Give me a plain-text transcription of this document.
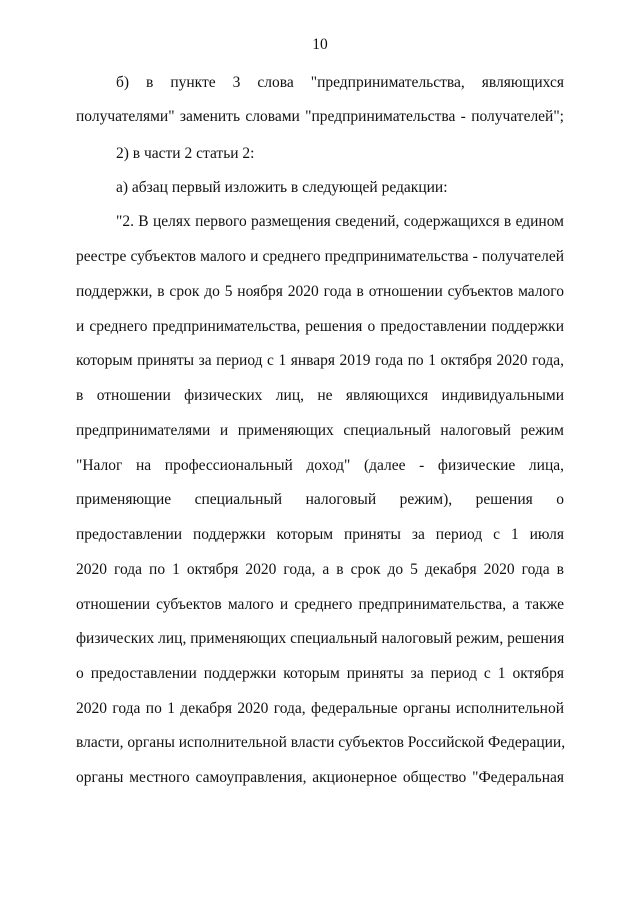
10
б) в пункте 3 слова "предпринимательства, являющихся
получателями" заменить словами "предпринимательства - получателей";
2) в части 2 статьи 2:
а) абзац первый изложить в следующей редакции:
"2. В целях первого размещения сведений, содержащихся в едином
реестре субъектов малого и среднего предпринимательства - получателей
поддержки, в срок до 5 ноября 2020 года в отношении субъектов малого
и среднего предпринимательства, решения о предоставлении поддержки
которым приняты за период с 1 января 2019 года по 1 октября 2020 года,
в отношении физических лиц, не являющихся индивидуальными
предпринимателями и применяющих специальный налоговый режим
"Налог на профессиональный доход" (далее - физические лица,
применяющие специальный налоговый режим), решения о
предоставлении поддержки которым приняты за период с 1 июля
2020 года по 1 октября 2020 года, а в срок до 5 декабря 2020 года в
отношении субъектов малого и среднего предпринимательства, а также
физических лиц, применяющих специальный налоговый режим, решения
о предоставлении поддержки которым приняты за период с 1 октября
2020 года по 1 декабря 2020 года, федеральные органы исполнительной
власти, органы исполнительной власти субъектов Российской Федерации,
органы местного самоуправления, акционерное общество "Федеральная
